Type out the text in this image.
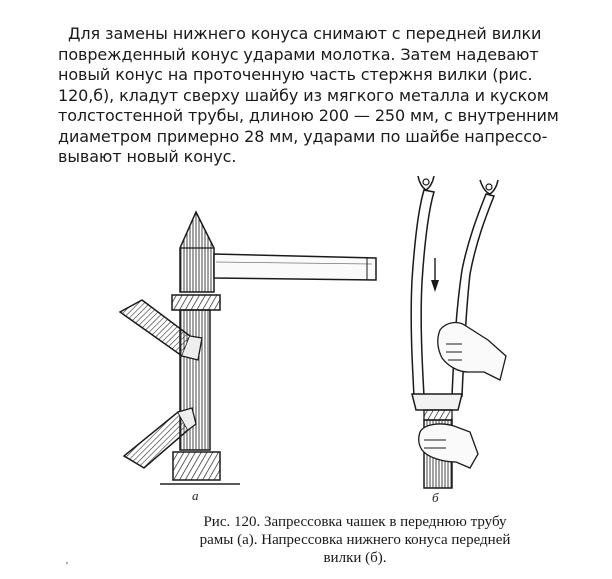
Для замены нижнего конуса снимают с передней вилки
поврежденный конус ударами молотка. Затем надевают
новый конус на проточенную часть стержня вилки (рис.
120,б), кладут сверху шайбу из мягкого металла и куском
толстостенной трубы, длиною 200 — 250 мм, с внутренним
диаметром примерно 28 мм, ударами по шайбе напрессо-
вывают новый конус.
а	б
Рис. 120. Запрессовка чашек в переднюю трубу
рамы (а). Напрессовка нижнего конуса передней
вилки (б).
'
